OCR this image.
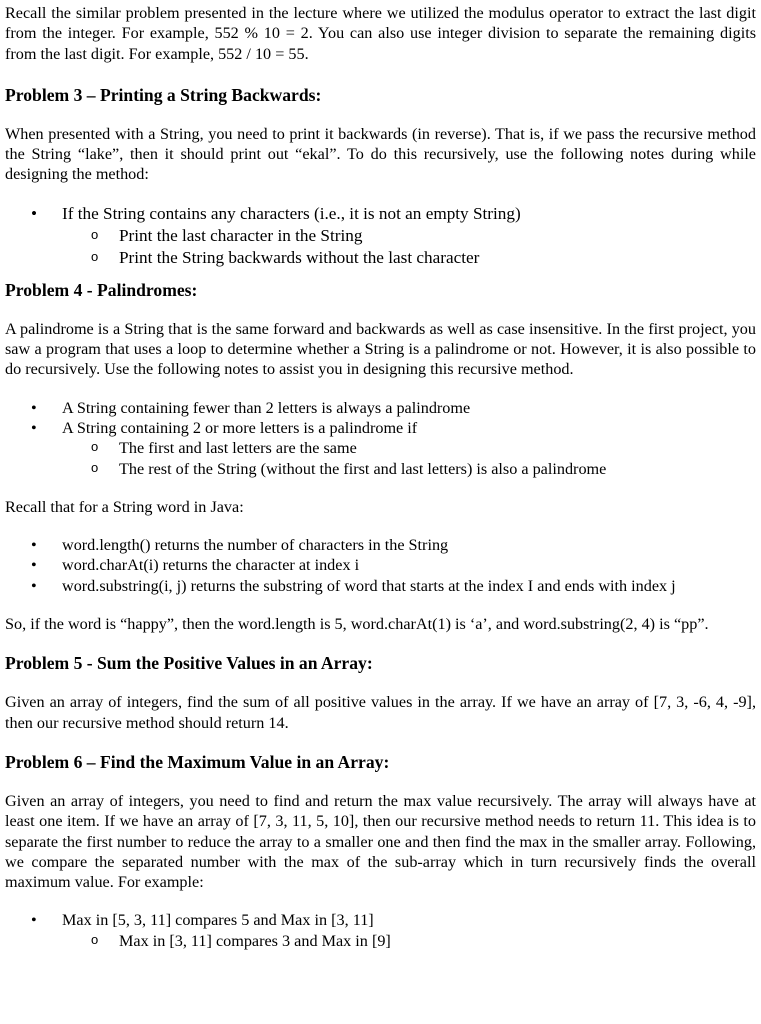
Recall the similar problem presented in the lecture where we utilized the modulus operator to extract the last digit from the integer. For example, 552 % 10 = 2. You can also use integer division to separate the remaining digits from the last digit. For example, 552 / 10 = 55.

Problem 3 – Printing a String Backwards:

When presented with a String, you need to print it backwards (in reverse). That is, if we pass the recursive method the String “lake”, then it should print out “ekal”. To do this recursively, use the following notes during while designing the method:

• If the String contains any characters (i.e., it is not an empty String)
o Print the last character in the String
o Print the String backwards without the last character
Problem 4 - Palindromes:

A palindrome is a String that is the same forward and backwards as well as case insensitive. In the first project, you saw a program that uses a loop to determine whether a String is a palindrome or not. However, it is also possible to do recursively. Use the following notes to assist you in designing this recursive method.

• A String containing fewer than 2 letters is always a palindrome
• A String containing 2 or more letters is a palindrome if
o The first and last letters are the same
o The rest of the String (without the first and last letters) is also a palindrome

Recall that for a String word in Java:

• word.length() returns the number of characters in the String
• word.charAt(i) returns the character at index i
• word.substring(i, j) returns the substring of word that starts at the index I and ends with index j

So, if the word is “happy”, then the word.length is 5, word.charAt(1) is ‘a’, and word.substring(2, 4) is “pp”.

Problem 5 - Sum the Positive Values in an Array:

Given an array of integers, find the sum of all positive values in the array. If we have an array of [7, 3, -6, 4, -9], then our recursive method should return 14.

Problem 6 – Find the Maximum Value in an Array:

Given an array of integers, you need to find and return the max value recursively. The array will always have at least one item. If we have an array of [7, 3, 11, 5, 10], then our recursive method needs to return 11. This idea is to separate the first number to reduce the array to a smaller one and then find the max in the smaller array. Following, we compare the separated number with the max of the sub-array which in turn recursively finds the overall maximum value. For example:

• Max in [5, 3, 11] compares 5 and Max in [3, 11]
o Max in [3, 11] compares 3 and Max in [9]
